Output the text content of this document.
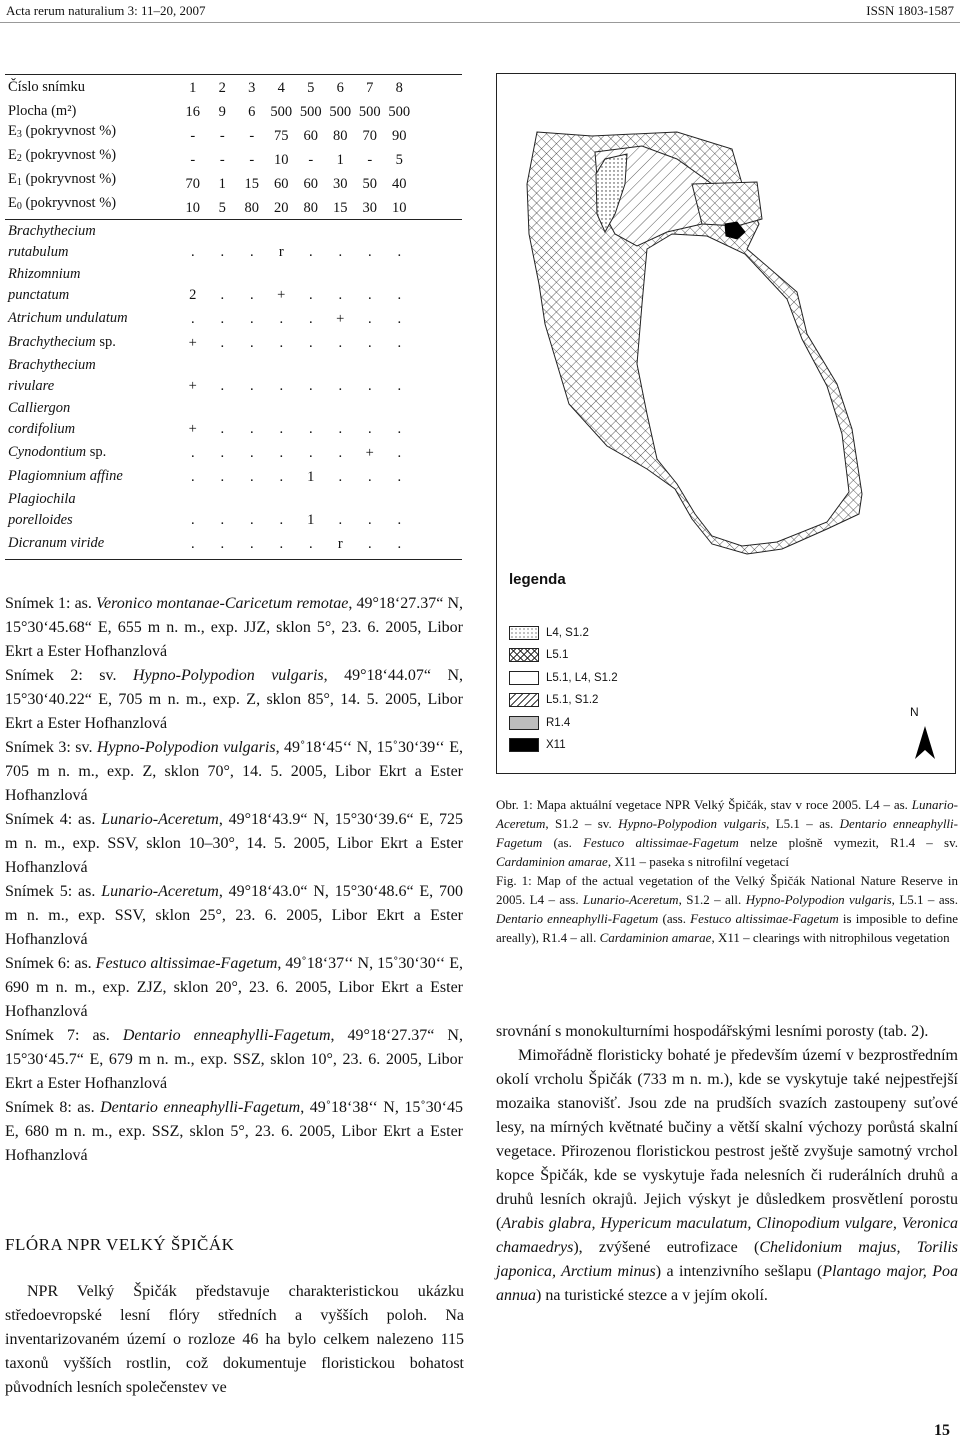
Acta rerum naturalium 3: 11–20, 2007	ISSN 1803-1587
Číslo snímku	1	2	3	4	5	6	7	8
Plocha (m²)	16	9	6	500 500 500 500 500
$E_3$ (pokryvnost %)	-	-	-	75	60	80	70	90
$E_2$ (pokryvnost %)	-	-	-	10	-	1	-	5
$E_1$ (pokryvnost %)	70	1	15	60	60	30	50	40
$E_0$ (pokryvnost %)	10	5	80	20	80	15	30	10
Brachythecium
rutabulum	.	.	.	r	.	.	.	.
Rhizomnium
punctatum	2	.	.	+	.	.	.	.
Atrichum undulatum	.	.	.	.	.	+	.	.
Brachythecium sp.	+	.	.	.	.	.	.	.
Brachythecium
rivulare	+	.	.	.	.	.	.	.
Calliergon
cordifolium	+	.	.	.	.	.	.	.
Cynodontium sp.	.	.	.	.	.	.	+	.
Plagiomnium affine	.	.	.	.	1	.	.	.
Plagiochila
porelloides	.	.	.	.	1	.	.	.
Dicranum viride	.	.	.	.	.	r	.	.

Snímek 1: as. Veronico montanae-Caricetum remotae, 49°18‘27.37“ N, 15°30‘45.68“ E, 655 m n. m., exp. JJZ, sklon 5°, 23. 6. 2005, Libor Ekrt a Ester Hofhanzlová

Snímek 2: sv. Hypno-Polypodion vulgaris, 49°18‘44.07“ N, 15°30‘40.22“ E, 705 m n. m., exp. Z, sklon 85°, 14. 5. 2005, Libor Ekrt a Ester Hofhanzlová

Snímek 3: sv. Hypno-Polypodion vulgaris, 49˚18‘45‘‘ N, 15˚30‘39‘‘ E, 705 m n. m., exp. Z, sklon 70°, 14. 5. 2005, Libor Ekrt a Ester Hofhanzlová

Snímek 4: as. Lunario-Aceretum, 49°18‘43.9“ N, 15°30‘39.6“ E, 725 m n. m., exp. SSV, sklon 10–30°, 14. 5. 2005, Libor Ekrt a Ester Hofhanzlová

Snímek 5: as. Lunario-Aceretum, 49°18‘43.0“ N, 15°30‘48.6“ E, 700 m n. m., exp. SSV, sklon 25°, 23. 6. 2005, Libor Ekrt a Ester Hofhanzlová

Snímek 6: as. Festuco altissimae-Fagetum, 49˚18‘37‘‘ N, 15˚30‘30‘‘ E, 690 m n. m., exp. ZJZ, sklon 20°, 23. 6. 2005, Libor Ekrt a Ester Hofhanzlová

Snímek 7: as. Dentario enneaphylli-Fagetum, 49°18‘27.37“ N, 15°30‘45.7“ E, 679 m n. m., exp. SSZ, sklon 10°, 23. 6. 2005, Libor Ekrt a Ester Hofhanzlová

Snímek 8: as. Dentario enneaphylli-Fagetum, 49˚18‘38‘‘ N, 15˚30‘45 E, 680 m n. m., exp. SSZ, sklon 5°, 23. 6. 2005, Libor Ekrt a Ester Hofhanzlová

FLÓRA NPR VELKÝ ŠPIČÁK

NPR Velký Špičák představuje charakteristickou ukázku středoevropské lesní flóry středních a vyšších poloh. Na inventarizovaném území o rozloze 46 ha bylo celkem nalezeno 115 taxonů vyšších rostlin, což dokumentuje floristickou bohatost původních lesních společenstev ve

legenda
L4, S1.2
L5.1
L5.1, L4, S1.2
L5.1, S1.2
R1.4
X11
N

Obr. 1: Mapa aktuální vegetace NPR Velký Špičák, stav v roce 2005. L4 – as. Lunario-Aceretum, S1.2 – sv. Hypno-Polypodion vulgaris, L5.1 – as. Dentario enneaphylli-Fagetum (as. Festuco altissimae-Fagetum nelze plošně vymezit, R1.4 – sv. Cardaminion amarae, X11 – paseka s nitrofilní vegetací

Fig. 1: Map of the actual vegetation of the Velký Špičák National Nature Reserve in 2005. L4 – ass. Lunario-Aceretum, S1.2 – all. Hypno-Polypodion vulgaris, L5.1 – ass. Dentario enneaphylli-Fagetum (ass. Festuco altissimae-Fagetum is imposible to define areally), R1.4 – all. Cardaminion amarae, X11 – clearings with nitrophilous vegetation

srovnání s monokulturními hospodářskými lesními porosty (tab. 2).

Mimořádně floristicky bohaté je především území v bezprostředním okolí vrcholu Špičák (733 m n. m.), kde se vyskytuje také nejpestřejší mozaika stanovišť. Jsou zde na prudších svazích zastoupeny suťové lesy, na mírných květnaté bučiny a větší skalní výchozy porůstá skalní vegetace. Přirozenou floristickou pestrost ještě zvyšuje samotný vrchol kopce Špičák, kde se vyskytuje řada nelesních či ruderálních druhů a druhů lesních okrajů. Jejich výskyt je důsledkem prosvětlení porostu (Arabis glabra, Hypericum maculatum, Clinopodium vulgare, Veronica chamaedrys), zvýšené eutrofizace (Chelidonium majus, Torilis japonica, Arctium minus) a intenzivního sešlapu (Plantago major, Poa annua) na turistické stezce a v jejím okolí.

15
